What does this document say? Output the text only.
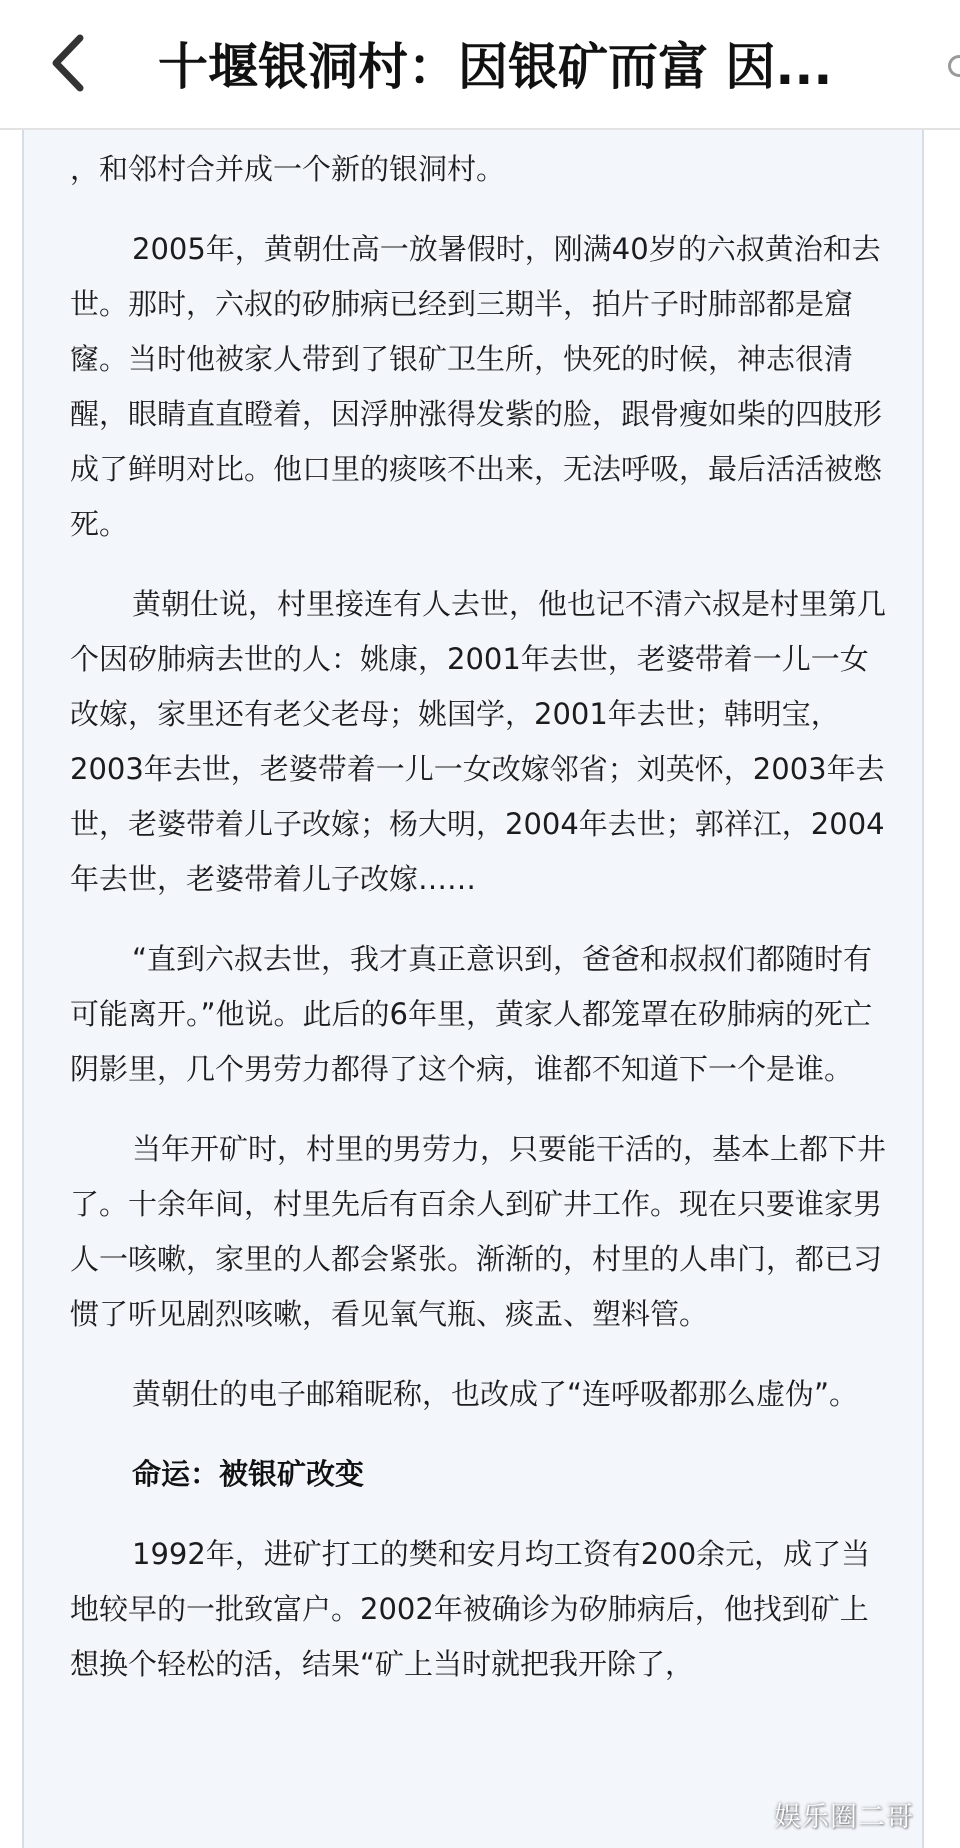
十堰银洞村：因银矿而富 因...

，和邻村合并成一个新的银洞村。

2005年，黄朝仕高一放暑假时，刚满40岁的六叔黄治和去世。那时，六叔的矽肺病已经到三期半，拍片子时肺部都是窟窿。当时他被家人带到了银矿卫生所，快死的时候，神志很清醒，眼睛直直瞪着，因浮肿涨得发紫的脸，跟骨瘦如柴的四肢形成了鲜明对比。他口里的痰咳不出来，无法呼吸，最后活活被憋死。

黄朝仕说，村里接连有人去世，他也记不清六叔是村里第几个因矽肺病去世的人：姚康，2001年去世，老婆带着一儿一女改嫁，家里还有老父老母；姚国学，2001年去世；韩明宝，2003年去世，老婆带着一儿一女改嫁邻省；刘英怀，2003年去世，老婆带着儿子改嫁；杨大明，2004年去世；郭祥江，2004年去世，老婆带着儿子改嫁……

“直到六叔去世，我才真正意识到，爸爸和叔叔们都随时有可能离开。”他说。此后的6年里，黄家人都笼罩在矽肺病的死亡阴影里，几个男劳力都得了这个病，谁都不知道下一个是谁。

当年开矿时，村里的男劳力，只要能干活的，基本上都下井了。十余年间，村里先后有百余人到矿井工作。现在只要谁家男人一咳嗽，家里的人都会紧张。渐渐的，村里的人串门，都已习惯了听见剧烈咳嗽，看见氧气瓶、痰盂、塑料管。

黄朝仕的电子邮箱昵称，也改成了“连呼吸都那么虚伪”。

命运：被银矿改变

1992年，进矿打工的樊和安月均工资有200余元，成了当地较早的一批致富户。2002年被确诊为矽肺病后，他找到矿上想换个轻松的活，结果“矿上当时就把我开除了，

娱乐圈二哥
